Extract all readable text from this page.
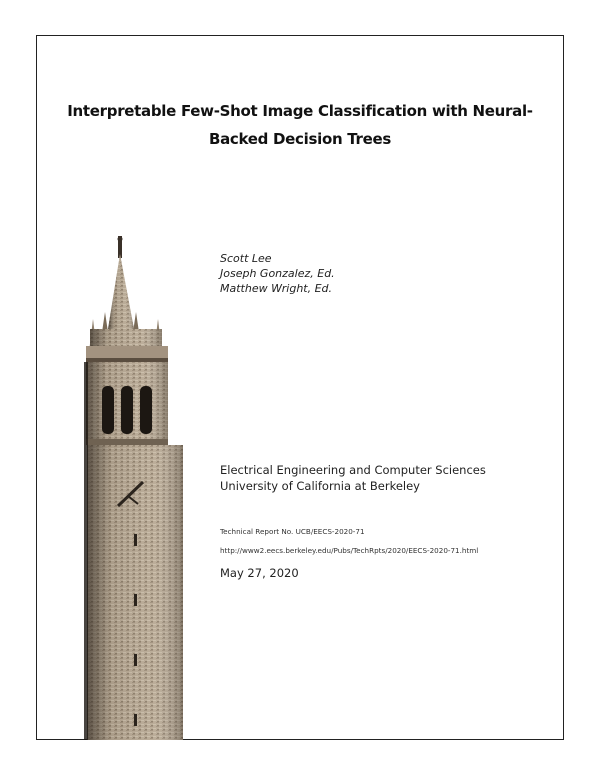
Interpretable Few-Shot Image Classification with Neural-
Backed Decision Trees
Scott Lee
Joseph Gonzalez, Ed.
Matthew Wright, Ed.
Electrical Engineering and Computer Sciences
University of California at Berkeley
Technical Report No. UCB/EECS-2020-71
http://www2.eecs.berkeley.edu/Pubs/TechRpts/2020/EECS-2020-71.html
May 27, 2020
